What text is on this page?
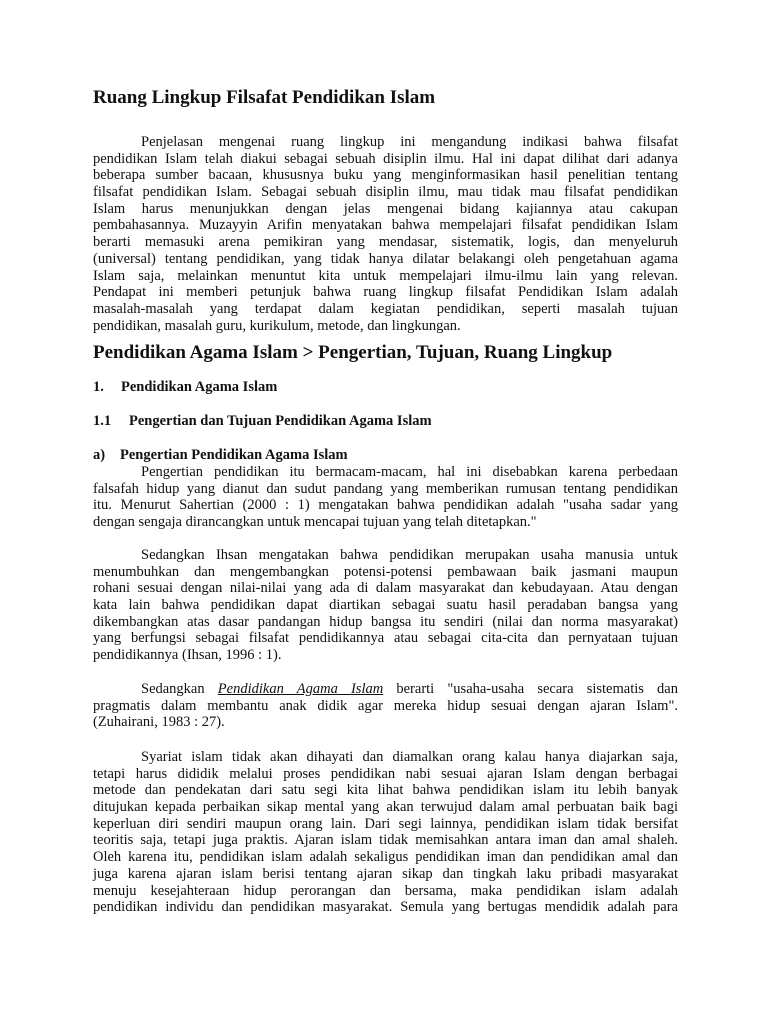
Ruang Lingkup Filsafat Pendidikan Islam
Penjelasan mengenai ruang lingkup ini mengandung indikasi bahwa filsafat
pendidikan Islam telah diakui sebagai sebuah disiplin ilmu. Hal ini dapat dilihat dari adanya
beberapa sumber bacaan, khususnya buku yang menginformasikan hasil penelitian tentang
filsafat pendidikan Islam. Sebagai sebuah disiplin ilmu, mau tidak mau filsafat pendidikan
Islam harus menunjukkan dengan jelas mengenai bidang kajiannya atau cakupan
pembahasannya. Muzayyin Arifin menyatakan bahwa mempelajari filsafat pendidikan Islam
berarti memasuki arena pemikiran yang mendasar, sistematik, logis, dan menyeluruh
(universal) tentang pendidikan, yang tidak hanya dilatar belakangi oleh pengetahuan agama
Islam saja, melainkan menuntut kita untuk mempelajari ilmu-ilmu lain yang relevan.
Pendapat ini memberi petunjuk bahwa ruang lingkup filsafat Pendidikan Islam adalah
masalah-masalah yang terdapat dalam kegiatan pendidikan, seperti masalah tujuan
pendidikan, masalah guru, kurikulum, metode, dan lingkungan.
Pendidikan Agama Islam > Pengertian, Tujuan, Ruang Lingkup
1. Pendidikan Agama Islam
1.1 Pengertian dan Tujuan Pendidikan Agama Islam
a) Pengertian Pendidikan Agama Islam
Pengertian pendidikan itu bermacam-macam, hal ini disebabkan karena perbedaan
falsafah hidup yang dianut dan sudut pandang yang memberikan rumusan tentang pendidikan
itu. Menurut Sahertian (2000 : 1) mengatakan bahwa pendidikan adalah "usaha sadar yang
dengan sengaja dirancangkan untuk mencapai tujuan yang telah ditetapkan."
Sedangkan Ihsan mengatakan bahwa pendidikan merupakan usaha manusia untuk
menumbuhkan dan mengembangkan potensi-potensi pembawaan baik jasmani maupun
rohani sesuai dengan nilai-nilai yang ada di dalam masyarakat dan kebudayaan. Atau dengan
kata lain bahwa pendidikan dapat diartikan sebagai suatu hasil peradaban bangsa yang
dikembangkan atas dasar pandangan hidup bangsa itu sendiri (nilai dan norma masyarakat)
yang berfungsi sebagai filsafat pendidikannya atau sebagai cita-cita dan pernyataan tujuan
pendidikannya (Ihsan, 1996 : 1).
Sedangkan Pendidikan Agama Islam berarti "usaha-usaha secara sistematis dan
pragmatis dalam membantu anak didik agar mereka hidup sesuai dengan ajaran Islam".
(Zuhairani, 1983 : 27).
Syariat islam tidak akan dihayati dan diamalkan orang kalau hanya diajarkan saja,
tetapi harus dididik melalui proses pendidikan nabi sesuai ajaran Islam dengan berbagai
metode dan pendekatan dari satu segi kita lihat bahwa pendidikan islam itu lebih banyak
ditujukan kepada perbaikan sikap mental yang akan terwujud dalam amal perbuatan baik bagi
keperluan diri sendiri maupun orang lain. Dari segi lainnya, pendidikan islam tidak bersifat
teoritis saja, tetapi juga praktis. Ajaran islam tidak memisahkan antara iman dan amal shaleh.
Oleh karena itu, pendidikan islam adalah sekaligus pendidikan iman dan pendidikan amal dan
juga karena ajaran islam berisi tentang ajaran sikap dan tingkah laku pribadi masyarakat
menuju kesejahteraan hidup perorangan dan bersama, maka pendidikan islam adalah
pendidikan individu dan pendidikan masyarakat. Semula yang bertugas mendidik adalah para
